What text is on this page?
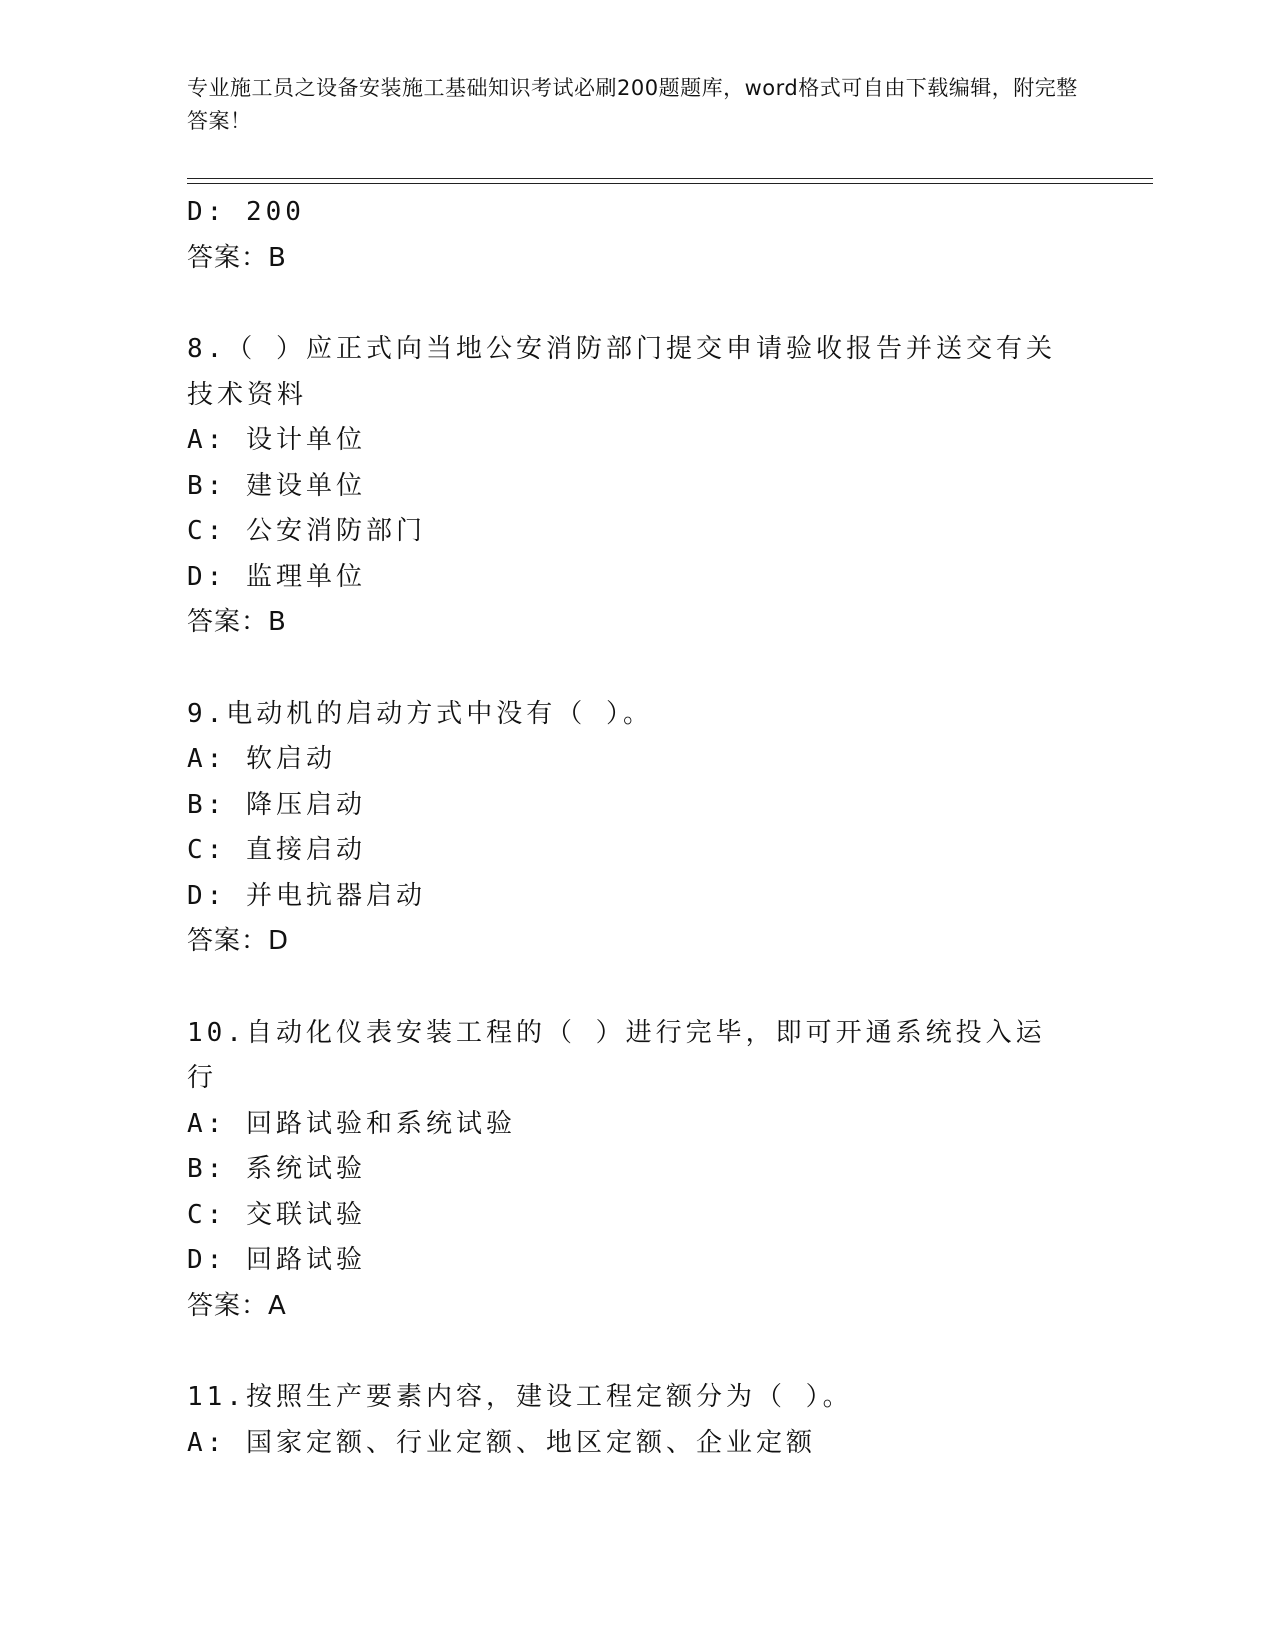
专业施工员之设备安装施工基础知识考试必刷200题题库，word格式可自由下载编辑，附完整答案！
D: 200
答案：B
8.（ ）应正式向当地公安消防部门提交申请验收报告并送交有关技术资料
A: 设计单位
B: 建设单位
C: 公安消防部门
D: 监理单位
答案：B
9.电动机的启动方式中没有（ ）。
A: 软启动
B: 降压启动
C: 直接启动
D: 并电抗器启动
答案：D
10.自动化仪表安装工程的（ ）进行完毕，即可开通系统投入运行
A: 回路试验和系统试验
B: 系统试验
C: 交联试验
D: 回路试验
答案：A
11.按照生产要素内容，建设工程定额分为（ ）。
A: 国家定额、行业定额、地区定额、企业定额
